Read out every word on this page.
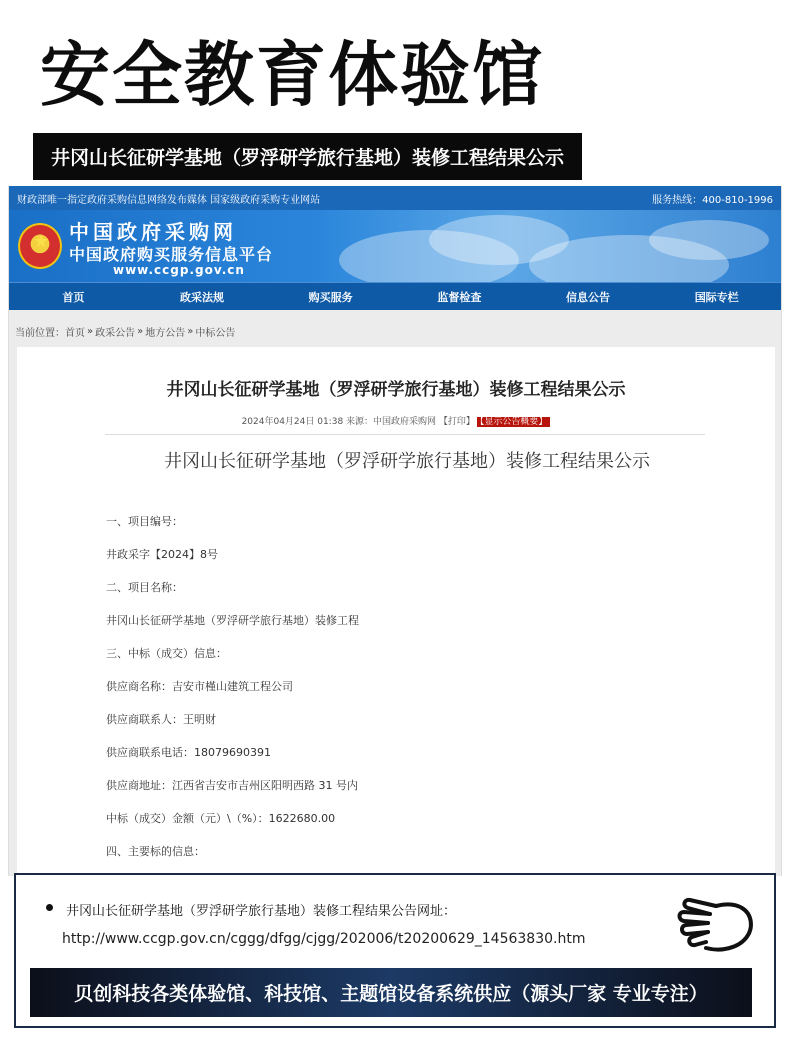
安全教育体验馆
井冈山长征研学基地（罗浮研学旅行基地）装修工程结果公示
财政部唯一指定政府采购信息网络发布媒体 国家级政府采购专业网站	服务热线：400-810-1996
★ 中国政府采购网
中国政府购买服务信息平台
www.ccgp.gov.cn
首页	政采法规	购买服务	监督检查	信息公告	国际专栏
当前位置： 首页 » 政采公告 » 地方公告 » 中标公告
井冈山长征研学基地（罗浮研学旅行基地）装修工程结果公示
2024年04月24日 01:38 来源：中国政府采购网 【打印】 【显示公告概要】
井冈山长征研学基地（罗浮研学旅行基地）装修工程结果公示
一、项目编号：
井政采字【2024】8号
二、项目名称：
井冈山长征研学基地（罗浮研学旅行基地）装修工程
三、中标（成交）信息：
供应商名称：吉安市槿山建筑工程公司
供应商联系人：王明财
供应商联系电话：18079690391
供应商地址：江西省吉安市吉州区阳明西路 31 号内
中标（成交）金额（元）\（%）：1622680.00
四、主要标的信息：
井冈山长征研学基地（罗浮研学旅行基地）装修工程结果公告网址：
http://www.ccgp.gov.cn/cggg/dfgg/cjgg/202006/t20200629_14563830.htm
贝创科技各类体验馆、科技馆、主题馆设备系统供应（源头厂家 专业专注）
